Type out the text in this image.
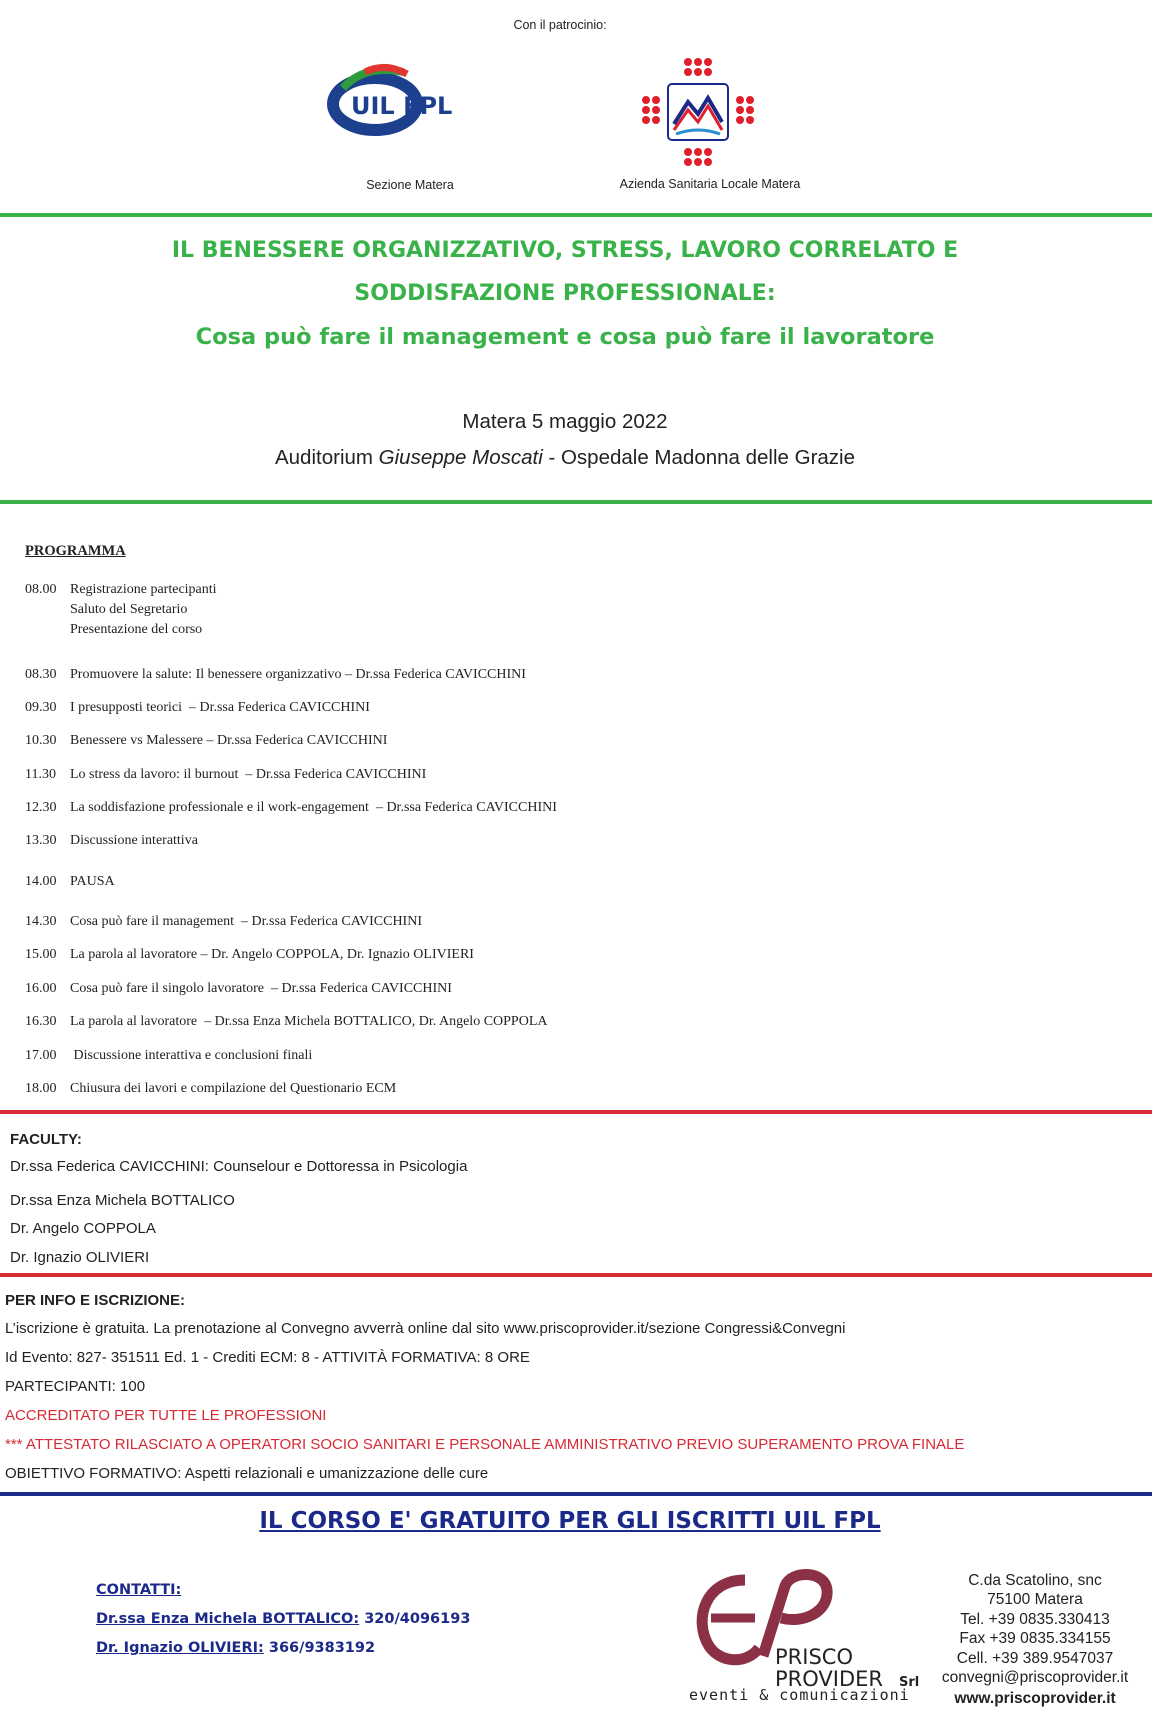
Con il patrocinio:
UIL FPL
Sezione Matera	Azienda Sanitaria Locale Matera
IL BENESSERE ORGANIZZATIVO, STRESS, LAVORO CORRELATO E
SODDISFAZIONE PROFESSIONALE:
Cosa può fare il management e cosa può fare il lavoratore
Matera 5 maggio 2022
Auditorium Giuseppe Moscati - Ospedale Madonna delle Grazie
PROGRAMMA
08.00 Registrazione partecipanti
Saluto del Segretario
Presentazione del corso
08.30 Promuovere la salute: Il benessere organizzativo – Dr.ssa Federica CAVICCHINI
09.30 I presupposti teorici  – Dr.ssa Federica CAVICCHINI
10.30 Benessere vs Malessere – Dr.ssa Federica CAVICCHINI
11.30 Lo stress da lavoro: il burnout  – Dr.ssa Federica CAVICCHINI
12.30 La soddisfazione professionale e il work-engagement  – Dr.ssa Federica CAVICCHINI
13.30 Discussione interattiva
14.00 PAUSA
14.30 Cosa può fare il management  – Dr.ssa Federica CAVICCHINI
15.00 La parola al lavoratore – Dr. Angelo COPPOLA, Dr. Ignazio OLIVIERI
16.00 Cosa può fare il singolo lavoratore  – Dr.ssa Federica CAVICCHINI
16.30 La parola al lavoratore  – Dr.ssa Enza Michela BOTTALICO, Dr. Angelo COPPOLA
17.00 Discussione interattiva e conclusioni finali
18.00 Chiusura dei lavori e compilazione del Questionario ECM
FACULTY:
Dr.ssa Federica CAVICCHINI: Counselour e Dottoressa in Psicologia
Dr.ssa Enza Michela BOTTALICO
Dr. Angelo COPPOLA
Dr. Ignazio OLIVIERI
PER INFO E ISCRIZIONE:
L’iscrizione è gratuita. La prenotazione al Convegno avverrà online dal sito www.priscoprovider.it/sezione Congressi&Convegni
Id Evento: 827- 351511 Ed. 1 - Crediti ECM: 8 - ATTIVITÀ FORMATIVA: 8 ORE
PARTECIPANTI: 100
ACCREDITATO PER TUTTE LE PROFESSIONI
*** ATTESTATO RILASCIATO A OPERATORI SOCIO SANITARI E PERSONALE AMMINISTRATIVO PREVIO SUPERAMENTO PROVA FINALE
OBIETTIVO FORMATIVO: Aspetti relazionali e umanizzazione delle cure
IL CORSO E' GRATUITO PER GLI ISCRITTI UIL FPL
CONTATTI:
Dr.ssa Enza Michela BOTTALICO: 320/4096193
Dr. Ignazio OLIVIERI: 366/9383192	PRISCO
PROVIDER Srl
eventi & comunicazioni
C.da Scatolino, snc
75100 Matera
Tel. +39 0835.330413
Fax +39 0835.334155
Cell. +39 389.9547037
convegni@priscoprovider.it
www.priscoprovider.it
